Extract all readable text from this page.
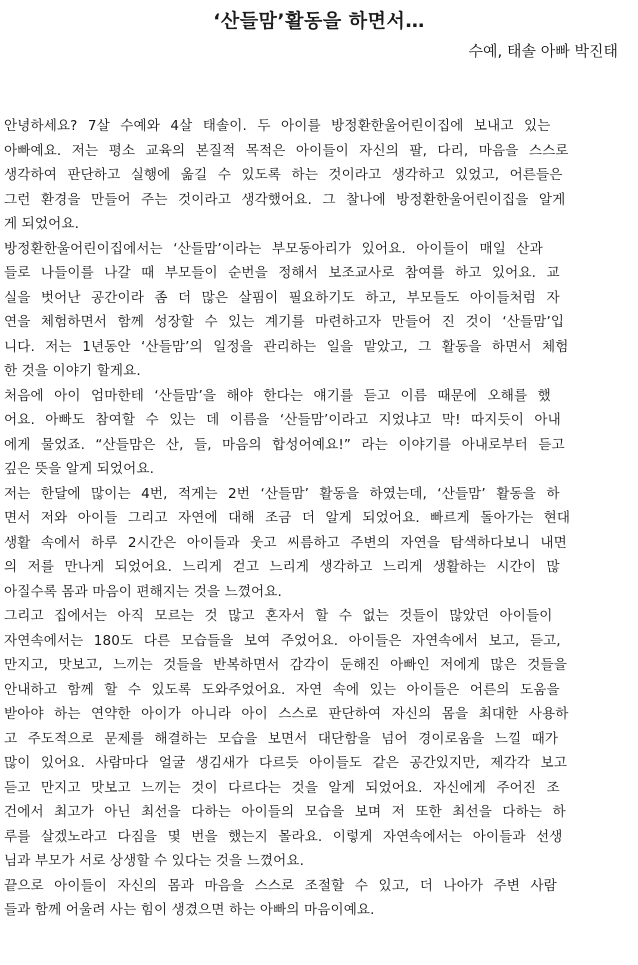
‘산들맘’활동을 하면서…

수예, 태솔 아빠 박진태

안녕하세요? 7살 수예와 4살 태솔이. 두 아이를 방정환한울어린이집에 보내고 있는
아빠예요. 저는 평소 교육의 본질적 목적은 아이들이 자신의 팔, 다리, 마음을 스스로
생각하여 판단하고 실행에 옮길 수 있도록 하는 것이라고 생각하고 있었고, 어른들은
그런 환경을 만들어 주는 것이라고 생각했어요. 그 찰나에 방정환한울어린이집을 알게
게 되었어요.
방정환한울어린이집에서는 ‘산들맘’이라는 부모동아리가 있어요. 아이들이 매일 산과
들로 나들이를 나갈 때 부모들이 순번을 정해서 보조교사로 참여를 하고 있어요. 교
실을 벗어난 공간이라 좀 더 많은 살핌이 필요하기도 하고, 부모들도 아이들처럼 자
연을 체험하면서 함께 성장할 수 있는 계기를 마련하고자 만들어 진 것이 ‘산들맘’입
니다. 저는 1년동안 ‘산들맘’의 일정을 관리하는 일을 맡았고, 그 활동을 하면서 체험
한 것을 이야기 할게요.
처음에 아이 엄마한테 ‘산들맘’을 해야 한다는 얘기를 듣고 이름 때문에 오해를 했
어요. 아빠도 참여할 수 있는 데 이름을 ‘산들맘’이라고 지었냐고 막! 따지듯이 아내
에게 물었죠. “산들맘은 산, 들, 마음의 합성어예요!” 라는 이야기를 아내로부터 듣고
깊은 뜻을 알게 되었어요.
저는 한달에 많이는 4번, 적게는 2번 ‘산들맘’ 활동을 하였는데, ‘산들맘’ 활동을 하
면서 저와 아이들 그리고 자연에 대해 조금 더 알게 되었어요. 빠르게 돌아가는 현대
생활 속에서 하루 2시간은 아이들과 웃고 씨름하고 주변의 자연을 탐색하다보니 내면
의 저를 만나게 되었어요. 느리게 걷고 느리게 생각하고 느리게 생활하는 시간이 많
아질수록 몸과 마음이 편해지는 것을 느꼈어요.
그리고 집에서는 아직 모르는 것 많고 혼자서 할 수 없는 것들이 많았던 아이들이
자연속에서는 180도 다른 모습들을 보여 주었어요. 아이들은 자연속에서 보고, 듣고,
만지고, 맛보고, 느끼는 것들을 반복하면서 감각이 둔해진 아빠인 저에게 많은 것들을
안내하고 함께 할 수 있도록 도와주었어요. 자연 속에 있는 아이들은 어른의 도움을
받아야 하는 연약한 아이가 아니라 아이 스스로 판단하여 자신의 몸을 최대한 사용하
고 주도적으로 문제를 해결하는 모습을 보면서 대단함을 넘어 경이로움을 느낄 때가
많이 있어요. 사람마다 얼굴 생김새가 다르듯 아이들도 같은 공간있지만, 제각각 보고
듣고 만지고 맛보고 느끼는 것이 다르다는 것을 알게 되었어요. 자신에게 주어진 조
건에서 최고가 아닌 최선을 다하는 아이들의 모습을 보며 저 또한 최선을 다하는 하
루를 살겠노라고 다짐을 몇 번을 했는지 몰라요. 이렇게 자연속에서는 아이들과 선생
님과 부모가 서로 상생할 수 있다는 것을 느꼈어요.
끝으로 아이들이 자신의 몸과 마음을 스스로 조절할 수 있고, 더 나아가 주변 사람
들과 함께 어울려 사는 힘이 생겼으면 하는 아빠의 마음이예요.
